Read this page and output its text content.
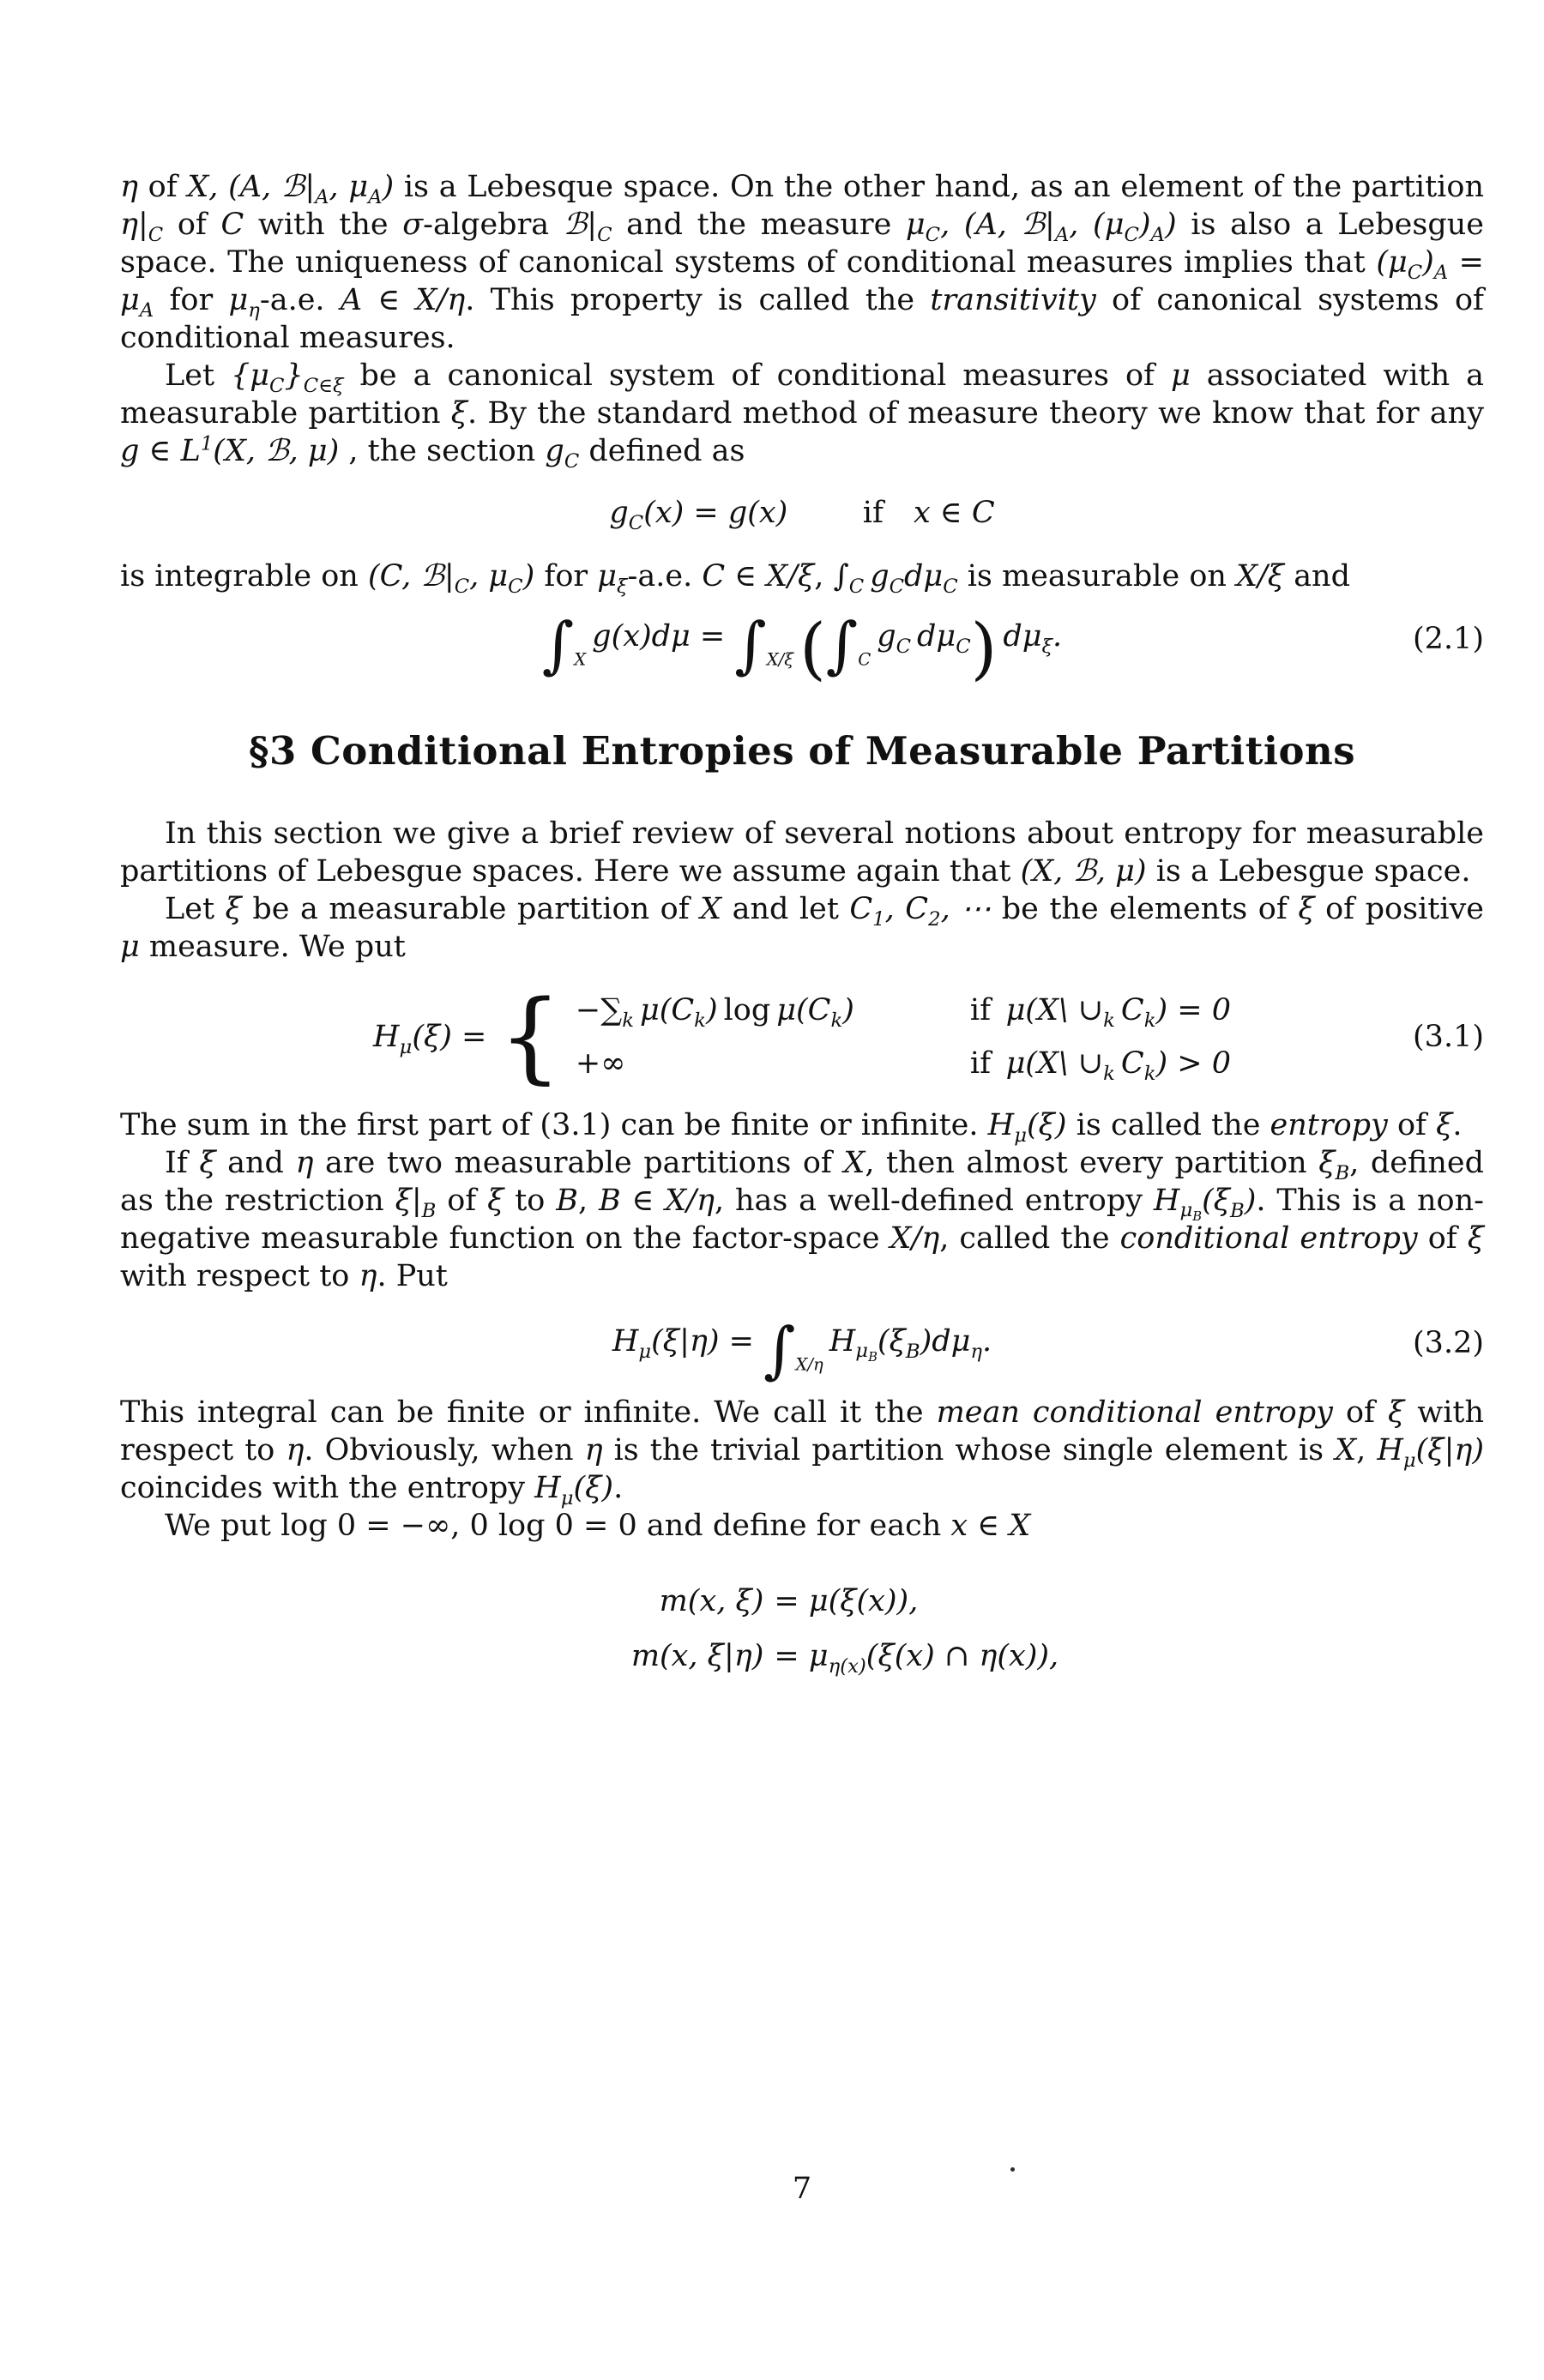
η of X, (A, $ℬ|_A$, $\mu_A$) is a Lebesque space. On the other hand, as an element of the partition $\eta|_C$ of C with the σ-algebra $ℬ|_C$ and the measure $\mu_C$, (A, $ℬ|_A$, $(\mu_C)_A$) is also a Lebesgue space. The uniqueness of canonical systems of conditional measures implies that $(\mu_C)_A = \mu_A$ for $\mu_\eta-a.e$. A ∈ X/η. This property is called the transitivity of canonical systems of conditional measures.

Let $\{\mu_C\}_{C\in\xi}$ be a canonical system of conditional measures of μ associated with a measurable partition ξ. By the standard method of measure theory we know that for any g ∈ $L^1(X$, ℬ, μ) , the section $g_C$ defined as

$g_C(x) = g(x)$   if  x ∈ C

is integrable on (C, $ℬ|_C$, $\mu_C$) for $\mu_\xi-a.e$. C ∈ X/ξ, $\int_C$ $g_Cd\mu_C$ is measurable on X/ξ and

$\int_X$ $g(x)d\mu = \int_{X/\xi}$ ($\int_C$ $g_C$ $d\mu_C$) $d\mu_\xi$.	(2.1)
§3 Conditional Entropies of Measurable Partitions

In this section we give a brief review of several notions about entropy for measurable partitions of Lebesgue spaces. Here we assume again that (X, ℬ, μ) is a Lebesgue space.

Let ξ be a measurable partition of X and let $C_1$, $C_2$, ⋯ be the elements of ξ of positive μ measure. We put

$H_\mu(\xi)$ = { $-\sum_k$ $\mu(C_k)$ $\log \mu(C_k)$	if μ(X\ $\cup_k$ $C_k) = 0$
+∞	if μ(X\ $\cup_k$ $C_k) > 0$
(3.1)

The sum in the first part of (3.1) can be finite or infinite. $H_\mu(\xi)$ is called the entropy of ξ.

If ξ and η are two measurable partitions of X, then almost every partition $\xi_B$, defined as the restriction $\xi|_B$ of ξ to B, B ∈ X/η, has a well-defined entropy $H_{\mu_B}(\xi_B)$. This is a non-negative measurable function on the factor-space X/η, called the conditional entropy of ξ with respect to η. Put

$H_\mu(\xi|\eta) = \int_{X/\eta}$ $H_{\mu_B}(\xi_B)d\mu_\eta$.	(3.2)

This integral can be finite or infinite. We call it the mean conditional entropy of ξ with respect to η. Obviously, when η is the trivial partition whose single element is X, $H_\mu(\xi|\eta)$ coincides with the entropy $H_\mu(\xi)$.

We put log 0 = −∞, 0 log 0 = 0 and define for each x ∈ X

m(x, ξ) = μ(ξ(x)),
m(x, $\xi|\eta) = \mu_{\eta(x)}(\xi(x)$ ∩ η(x)),
7
